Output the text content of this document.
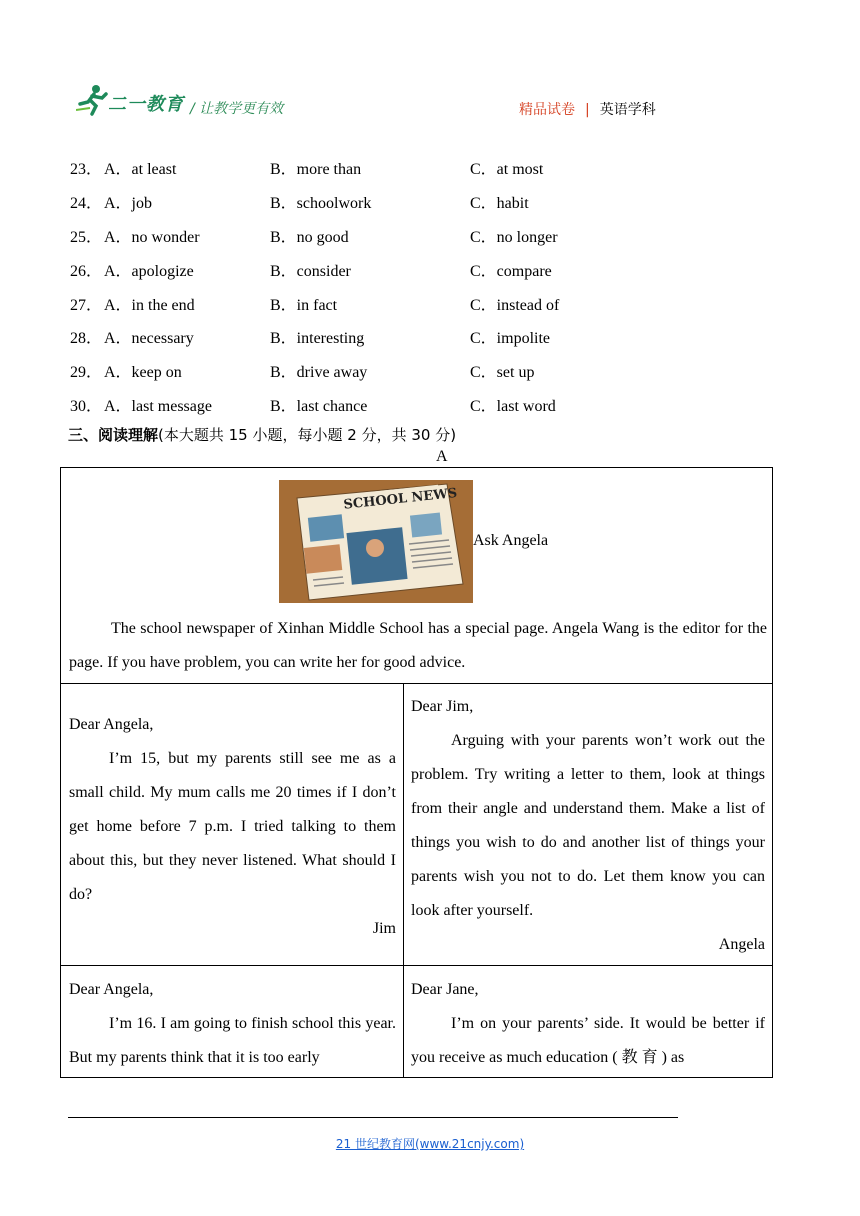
二一教育 / 让教学更有效	精品试卷 | 英语学科
23． A．at least	B．more than	C．at most
24． A．job	B．schoolwork	C．habit
25． A．no wonder	B．no good	C．no longer
26． A．apologize	B．consider	C．compare
27． A．in the end	B．in fact	C．instead of
28． A．necessary	B．interesting	C．impolite
29． A．keep on	B．drive away	C．set up
30． A．last message	B．last chance	C．last word
三、阅读理解(本大题共 15 小题，每小题 2 分，共 30 分)
A
SCHOOL NEWS
Ask Angela

The school newspaper of Xinhan Middle School has a special page. Angela Wang is the editor for the page. If you have problem, you can write her for good advice.

Dear Angela,

I’m 15, but my parents still see me as a small child. My mum calls me 20 times if I don’t get home before 7 p.m. I tried talking to them about this, but they never listened. What should I do?

Jim

Dear Jim,

Arguing with your parents won’t work out the problem. Try writing a letter to them, look at things from their angle and understand them. Make a list of things you wish to do and another list of things your parents wish you not to do. Let them know you can look after yourself.

Angela

Dear Angela,

I’m 16. I am going to finish school this year. But my parents think that it is too early

Dear Jane,

I’m on your parents’ side. It would be better if you receive as much education ( 教 育 ) as

21 世纪教育网(www.21cnjy.com)
